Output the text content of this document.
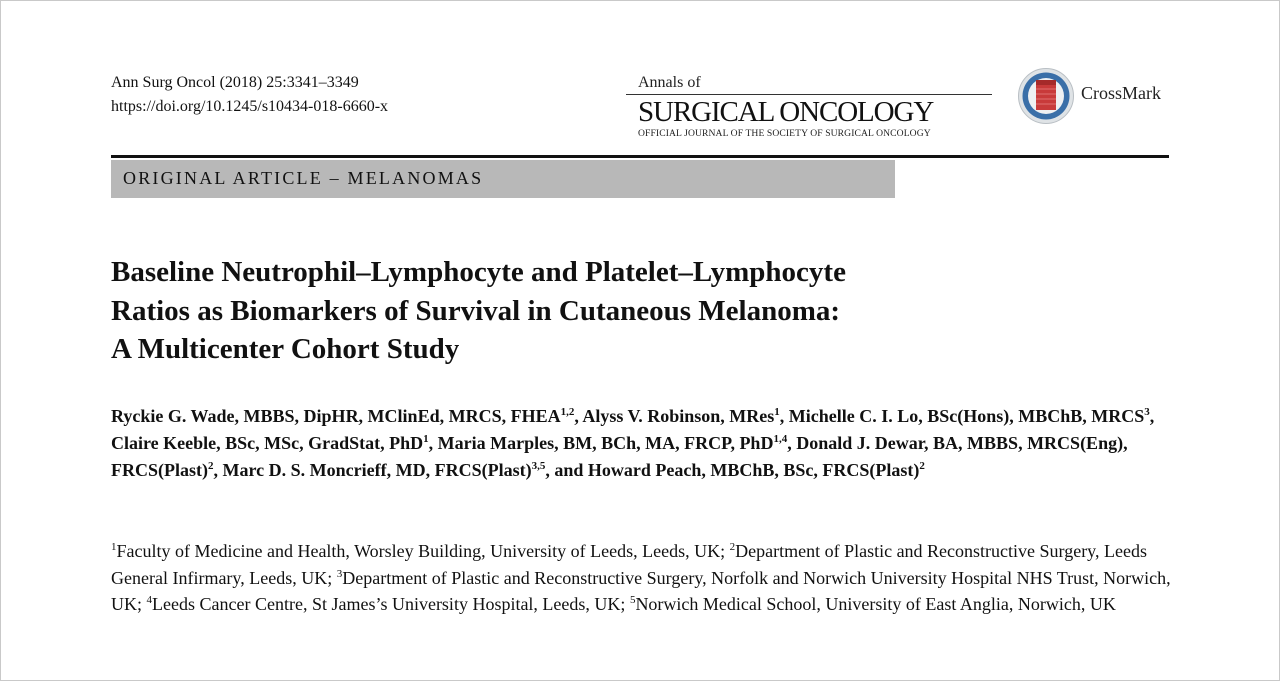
Ann Surg Oncol (2018) 25:3341–3349
https://doi.org/10.1245/s10434-018-6660-x
Annals of
SURGICAL ONCOLOGY
OFFICIAL JOURNAL OF THE SOCIETY OF SURGICAL ONCOLOGY
CrossMark
ORIGINAL ARTICLE – MELANOMAS
Baseline Neutrophil–Lymphocyte and Platelet–Lymphocyte
Ratios as Biomarkers of Survival in Cutaneous Melanoma:
A Multicenter Cohort Study
Ryckie G. Wade, MBBS, DipHR, MClinEd, MRCS, FHEA$^{1,2}$, Alyss V. Robinson, MRes$^1$, Michelle C. I. Lo, BSc(Hons), MBChB, MRCS$^3$, Claire Keeble, BSc, MSc, GradStat, PhD$^1$, Maria Marples, BM, BCh, MA, FRCP, PhD$^{1,4}$, Donald J. Dewar, BA, MBBS, MRCS(Eng), FRCS(Plast)$^2$, Marc D. S. Moncrieff, MD, FRCS(Plast)$^{3,5}$, and Howard Peach, MBChB, BSc, FRCS(Plast)$^2$
$^1$Faculty of Medicine and Health, Worsley Building, University of Leeds, Leeds, UK; $^2$Department of Plastic and Reconstructive Surgery, Leeds General Infirmary, Leeds, UK; $^3$Department of Plastic and Reconstructive Surgery, Norfolk and Norwich University Hospital NHS Trust, Norwich, UK; $^4$Leeds Cancer Centre, St James’s University Hospital, Leeds, UK; $^5$Norwich Medical School, University of East Anglia, Norwich, UK
